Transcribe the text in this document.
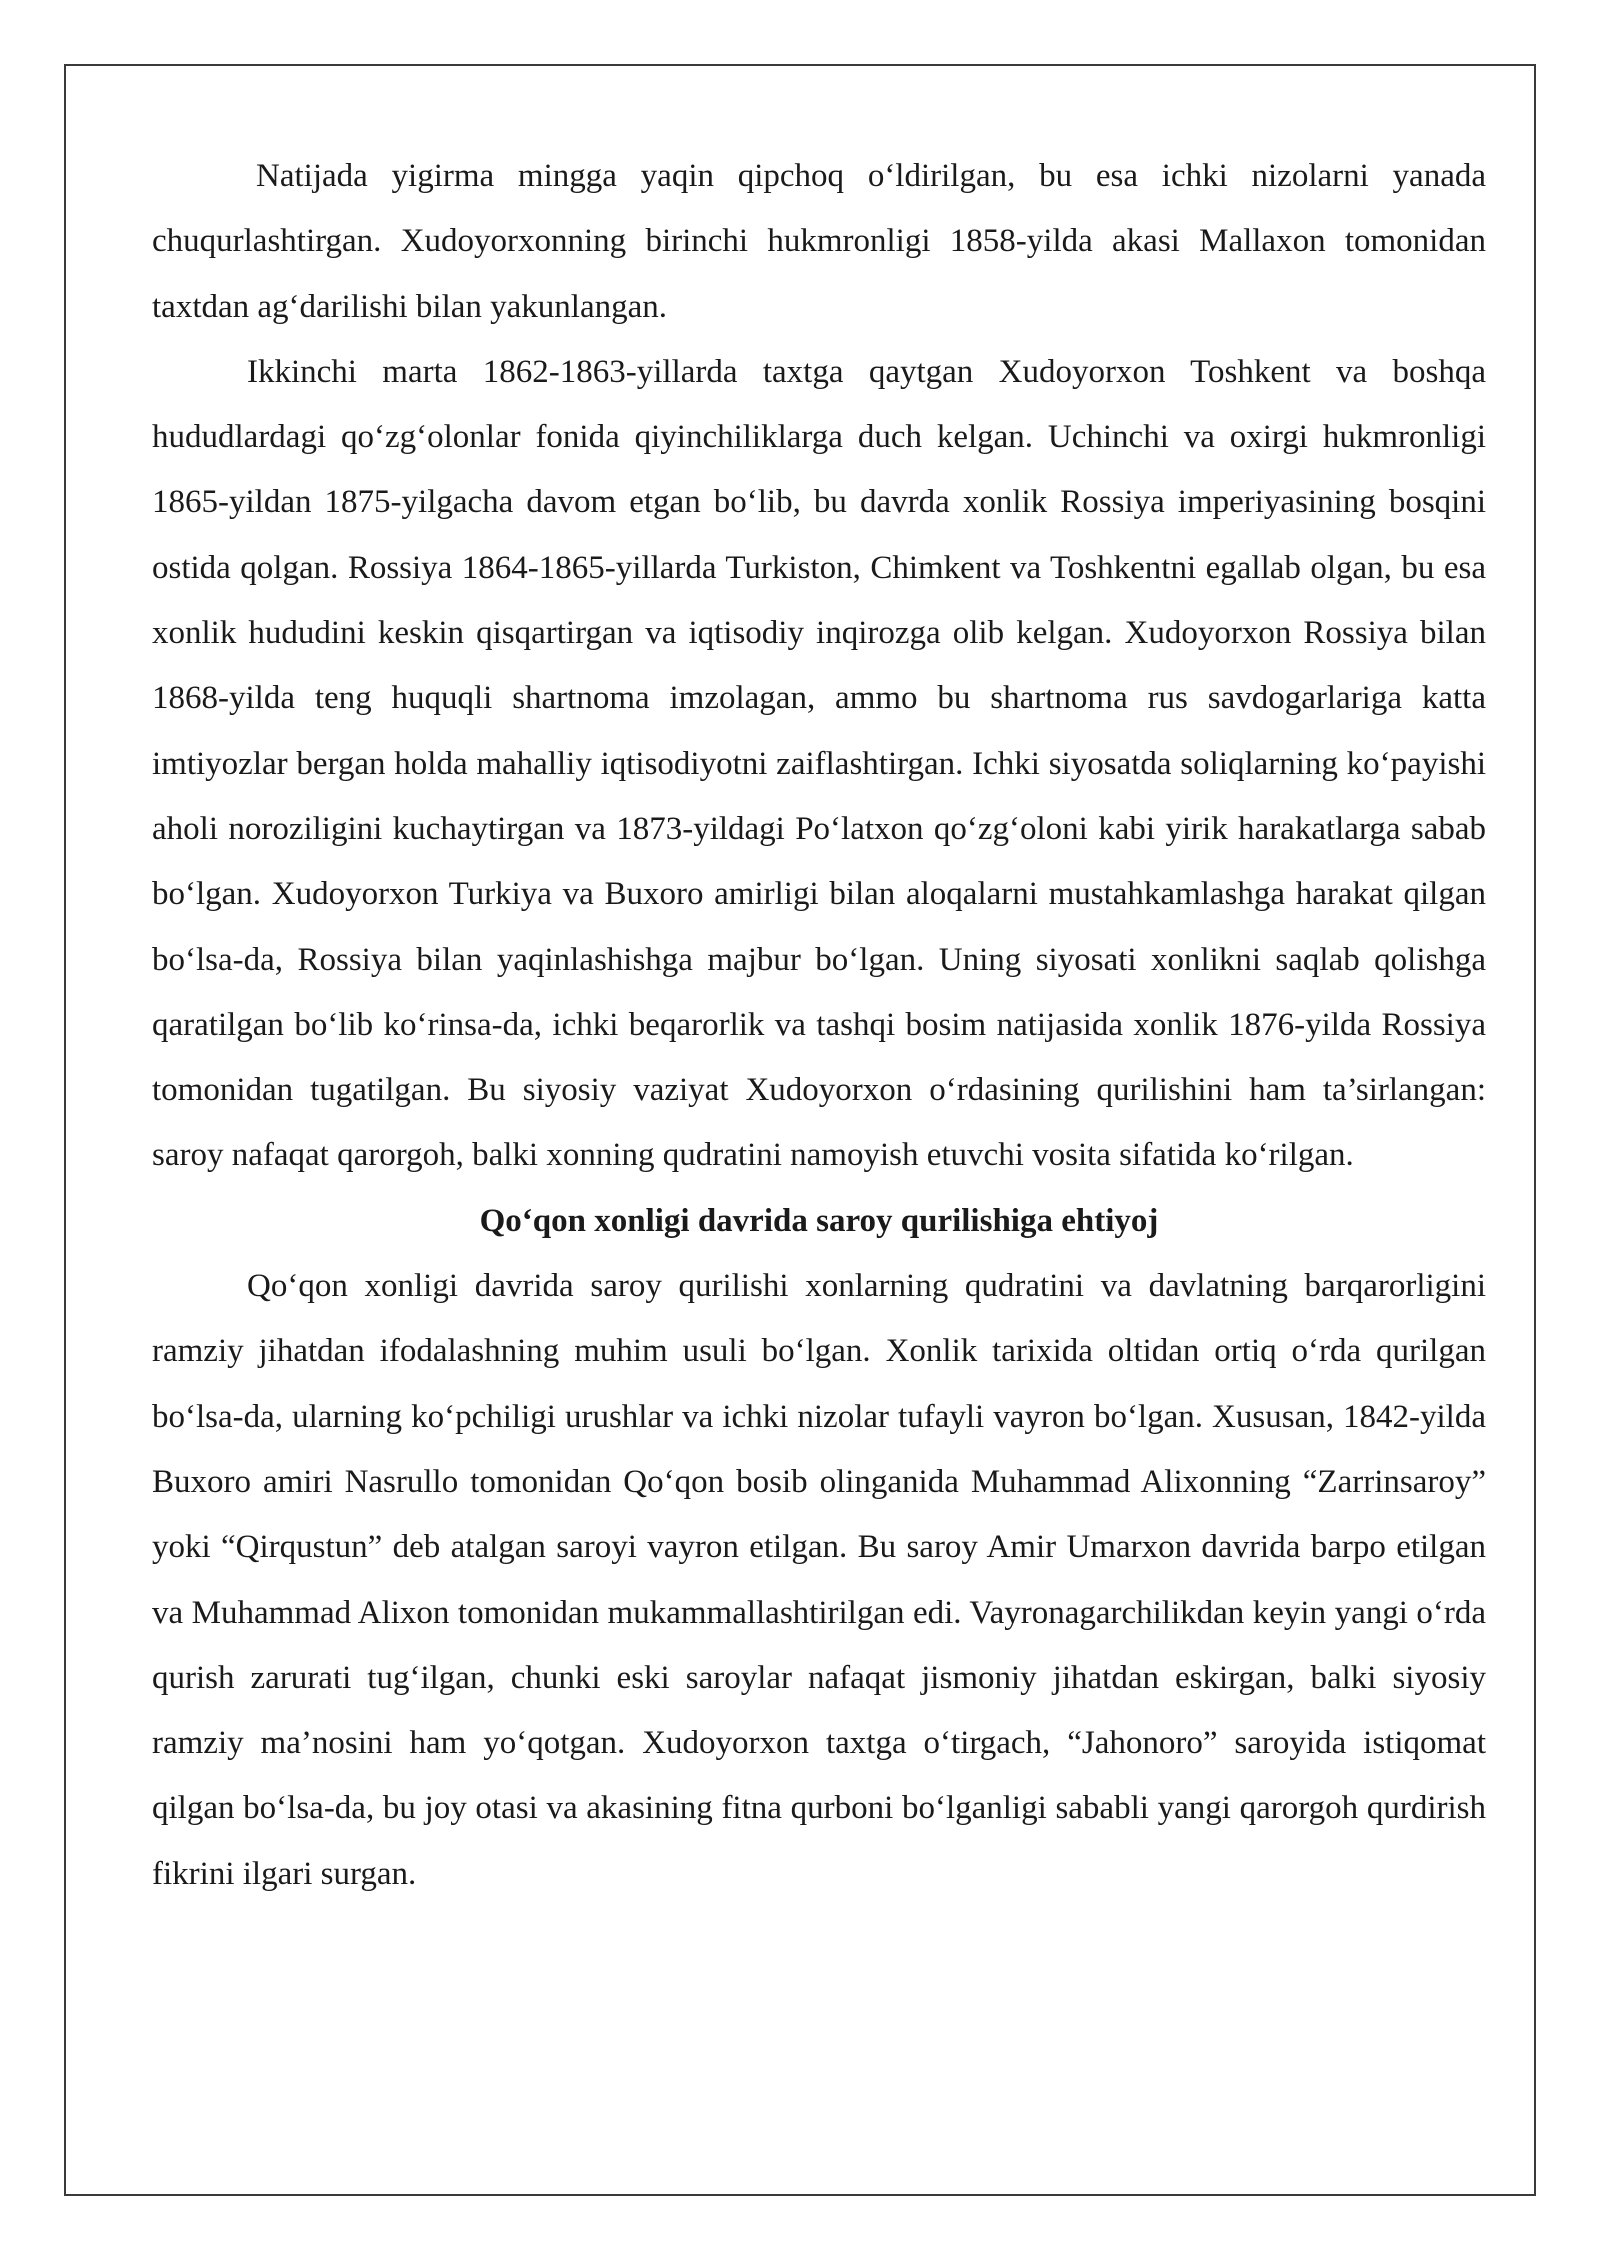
Natijada yigirma mingga yaqin qipchoq o‘ldirilgan, bu esa ichki nizolarni yanada chuqurlashtirgan. Xudoyorxonning birinchi hukmronligi 1858-yilda akasi Mallaxon tomonidan taxtdan ag‘darilishi bilan yakunlangan.

Ikkinchi marta 1862-1863-yillarda taxtga qaytgan Xudoyorxon Toshkent va boshqa hududlardagi qo‘zg‘olonlar fonida qiyinchiliklarga duch kelgan. Uchinchi va oxirgi hukmronligi 1865-yildan 1875-yilgacha davom etgan bo‘lib, bu davrda xonlik Rossiya imperiyasining bosqini ostida qolgan. Rossiya 1864-1865-yillarda Turkiston, Chimkent va Toshkentni egallab olgan, bu esa xonlik hududini keskin qisqartirgan va iqtisodiy inqirozga olib kelgan. Xudoyorxon Rossiya bilan 1868-yilda teng huquqli shartnoma imzolagan, ammo bu shartnoma rus savdogarlariga katta imtiyozlar bergan holda mahalliy iqtisodiyotni zaiflashtirgan. Ichki siyosatda soliqlarning ko‘payishi aholi noroziligini kuchaytirgan va 1873-yildagi Po‘latxon qo‘zg‘oloni kabi yirik harakatlarga sabab bo‘lgan. Xudoyorxon Turkiya va Buxoro amirligi bilan aloqalarni mustahkamlashga harakat qilgan bo‘lsa-da, Rossiya bilan yaqinlashishga majbur bo‘lgan. Uning siyosati xonlikni saqlab qolishga qaratilgan bo‘lib ko‘rinsa-da, ichki beqarorlik va tashqi bosim natijasida xonlik 1876-yilda Rossiya tomonidan tugatilgan. Bu siyosiy vaziyat Xudoyorxon o‘rdasining qurilishini ham ta’sirlangan: saroy nafaqat qarorgoh, balki xonning qudratini namoyish etuvchi vosita sifatida ko‘rilgan.

Qo‘qon xonligi davrida saroy qurilishiga ehtiyoj

Qo‘qon xonligi davrida saroy qurilishi xonlarning qudratini va davlatning barqarorligini ramziy jihatdan ifodalashning muhim usuli bo‘lgan. Xonlik tarixida oltidan ortiq o‘rda qurilgan bo‘lsa-da, ularning ko‘pchiligi urushlar va ichki nizolar tufayli vayron bo‘lgan. Xususan, 1842-yilda Buxoro amiri Nasrullo tomonidan Qo‘qon bosib olinganida Muhammad Alixonning “Zarrinsaroy” yoki “Qirqustun” deb atalgan saroyi vayron etilgan. Bu saroy Amir Umarxon davrida barpo etilgan va Muhammad Alixon tomonidan mukammallashtirilgan edi. Vayronagarchilikdan keyin yangi o‘rda qurish zarurati tug‘ilgan, chunki eski saroylar nafaqat jismoniy jihatdan eskirgan, balki siyosiy ramziy ma’nosini ham yo‘qotgan. Xudoyorxon taxtga o‘tirgach, “Jahonoro” saroyida istiqomat qilgan bo‘lsa-da, bu joy otasi va akasining fitna qurboni bo‘lganligi sababli yangi qarorgoh qurdirish fikrini ilgari surgan.
